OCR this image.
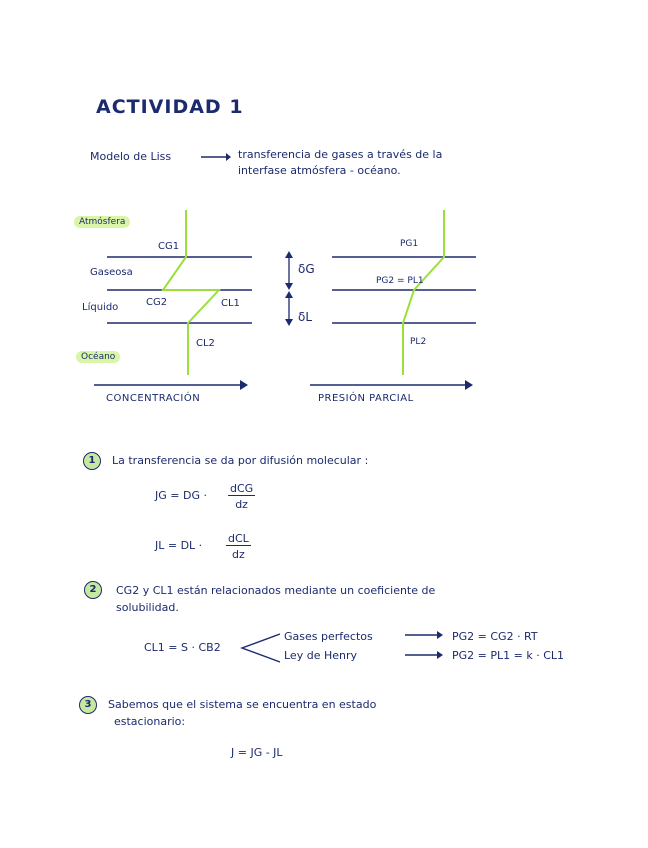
ACTIVIDAD 1
Modelo de Liss	transferencia de gases a través de la
interfase atmósfera - océano.
Atmósfera
Gaseosa
Líquido
Océano
CG1
CG2	CL1
CL2
δG
δL
PG1
PG2 = PL1
PL2
CONCENTRACIÓN	PRESIÓN PARCIAL
1	La transferencia se da por difusión molecular :
JG = DG ·
dCG
dz
JL = DL ·
dCL
dz
2	CG2 y CL1 están relacionados mediante un coeficiente de
solubilidad.
CL1 = S · CB2
Gases perfectos
Ley de Henry
PG2 = CG2 · RT
PG2 = PL1 = k · CL1
3	Sabemos que el sistema se encuentra en estado
estacionario:
J = JG - JL
